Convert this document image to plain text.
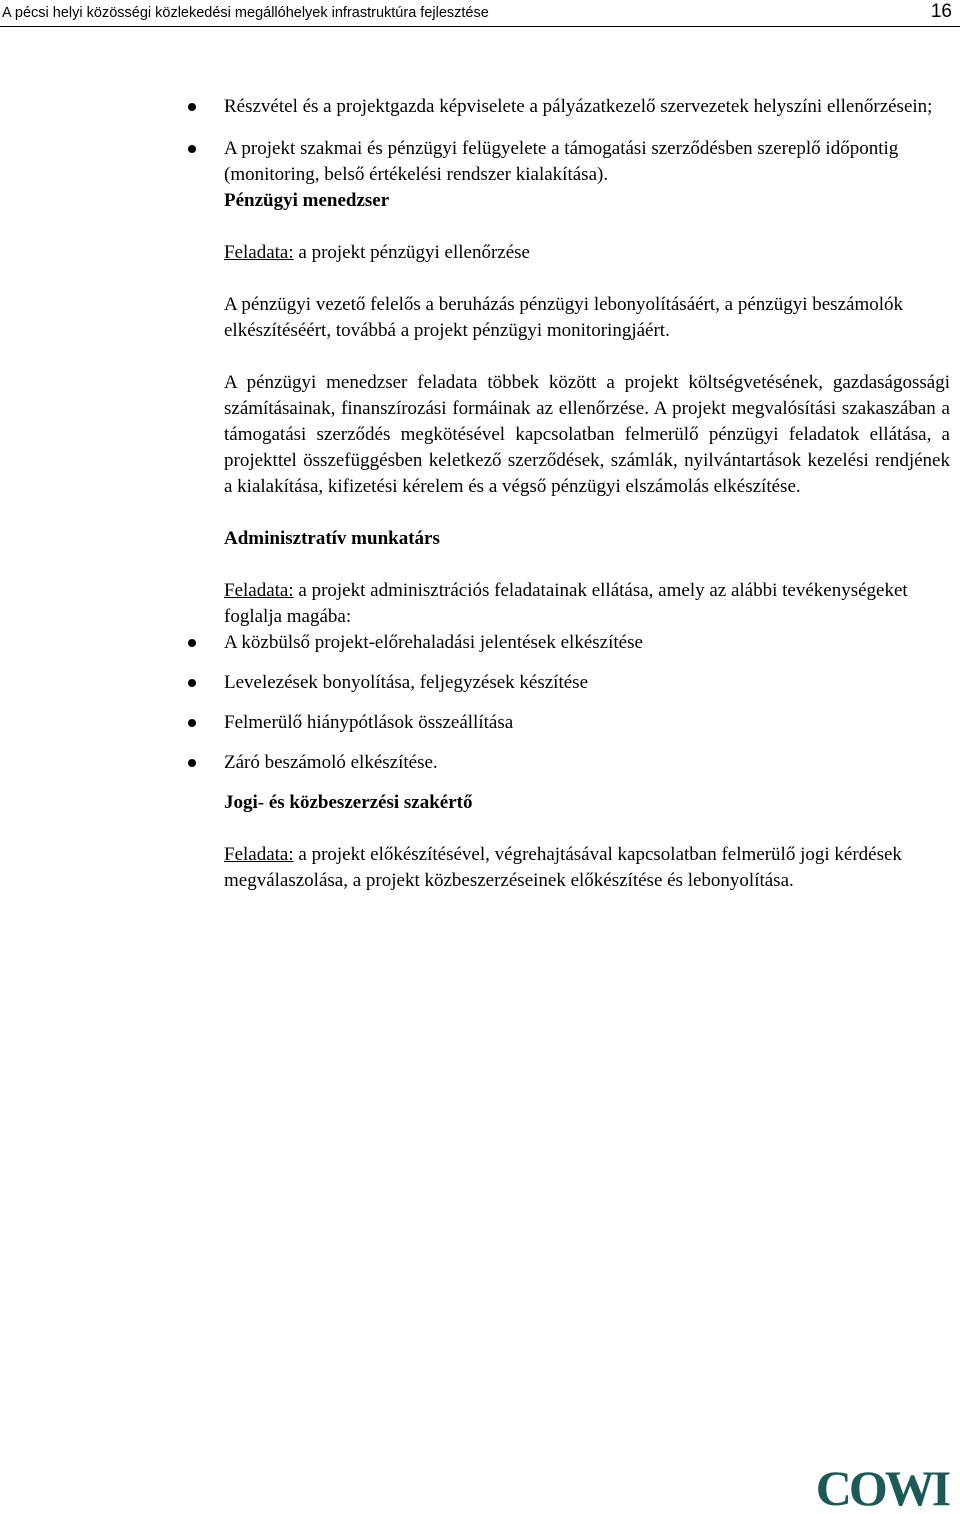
A pécsi helyi közösségi közlekedési megállóhelyek infrastruktúra fejlesztése	16
Részvétel és a projektgazda képviselete a pályázatkezelő szervezetek helyszíni ellenőrzésein;
A projekt szakmai és pénzügyi felügyelete a támogatási szerződésben szereplő időpontig (monitoring, belső értékelési rendszer kialakítása).
Pénzügyi menedzser

Feladata: a projekt pénzügyi ellenőrzése

A pénzügyi vezető felelős a beruházás pénzügyi lebonyolításáért, a pénzügyi beszámolók elkészítéséért, továbbá a projekt pénzügyi monitoringjáért.

A pénzügyi menedzser feladata többek között a projekt költségvetésének, gazdaságossági számításainak, finanszírozási formáinak az ellenőrzése. A projekt megvalósítási szakaszában a támogatási szerződés megkötésével kapcsolatban felmerülő pénzügyi feladatok ellátása, a projekttel összefüggésben keletkező szerződések, számlák, nyilvántartások kezelési rendjének a kialakítása, kifizetési kérelem és a végső pénzügyi elszámolás elkészítése.

Adminisztratív munkatárs

Feladata: a projekt adminisztrációs feladatainak ellátása, amely az alábbi tevékenységeket foglalja magába:

A közbülső projekt-előrehaladási jelentések elkészítése
Levelezések bonyolítása, feljegyzések készítése
Felmerülő hiánypótlások összeállítása
Záró beszámoló elkészítése.
Jogi- és közbeszerzési szakértő

Feladata: a projekt előkészítésével, végrehajtásával kapcsolatban felmerülő jogi kérdések megválaszolása, a projekt közbeszerzéseinek előkészítése és lebonyolítása.

COWI
